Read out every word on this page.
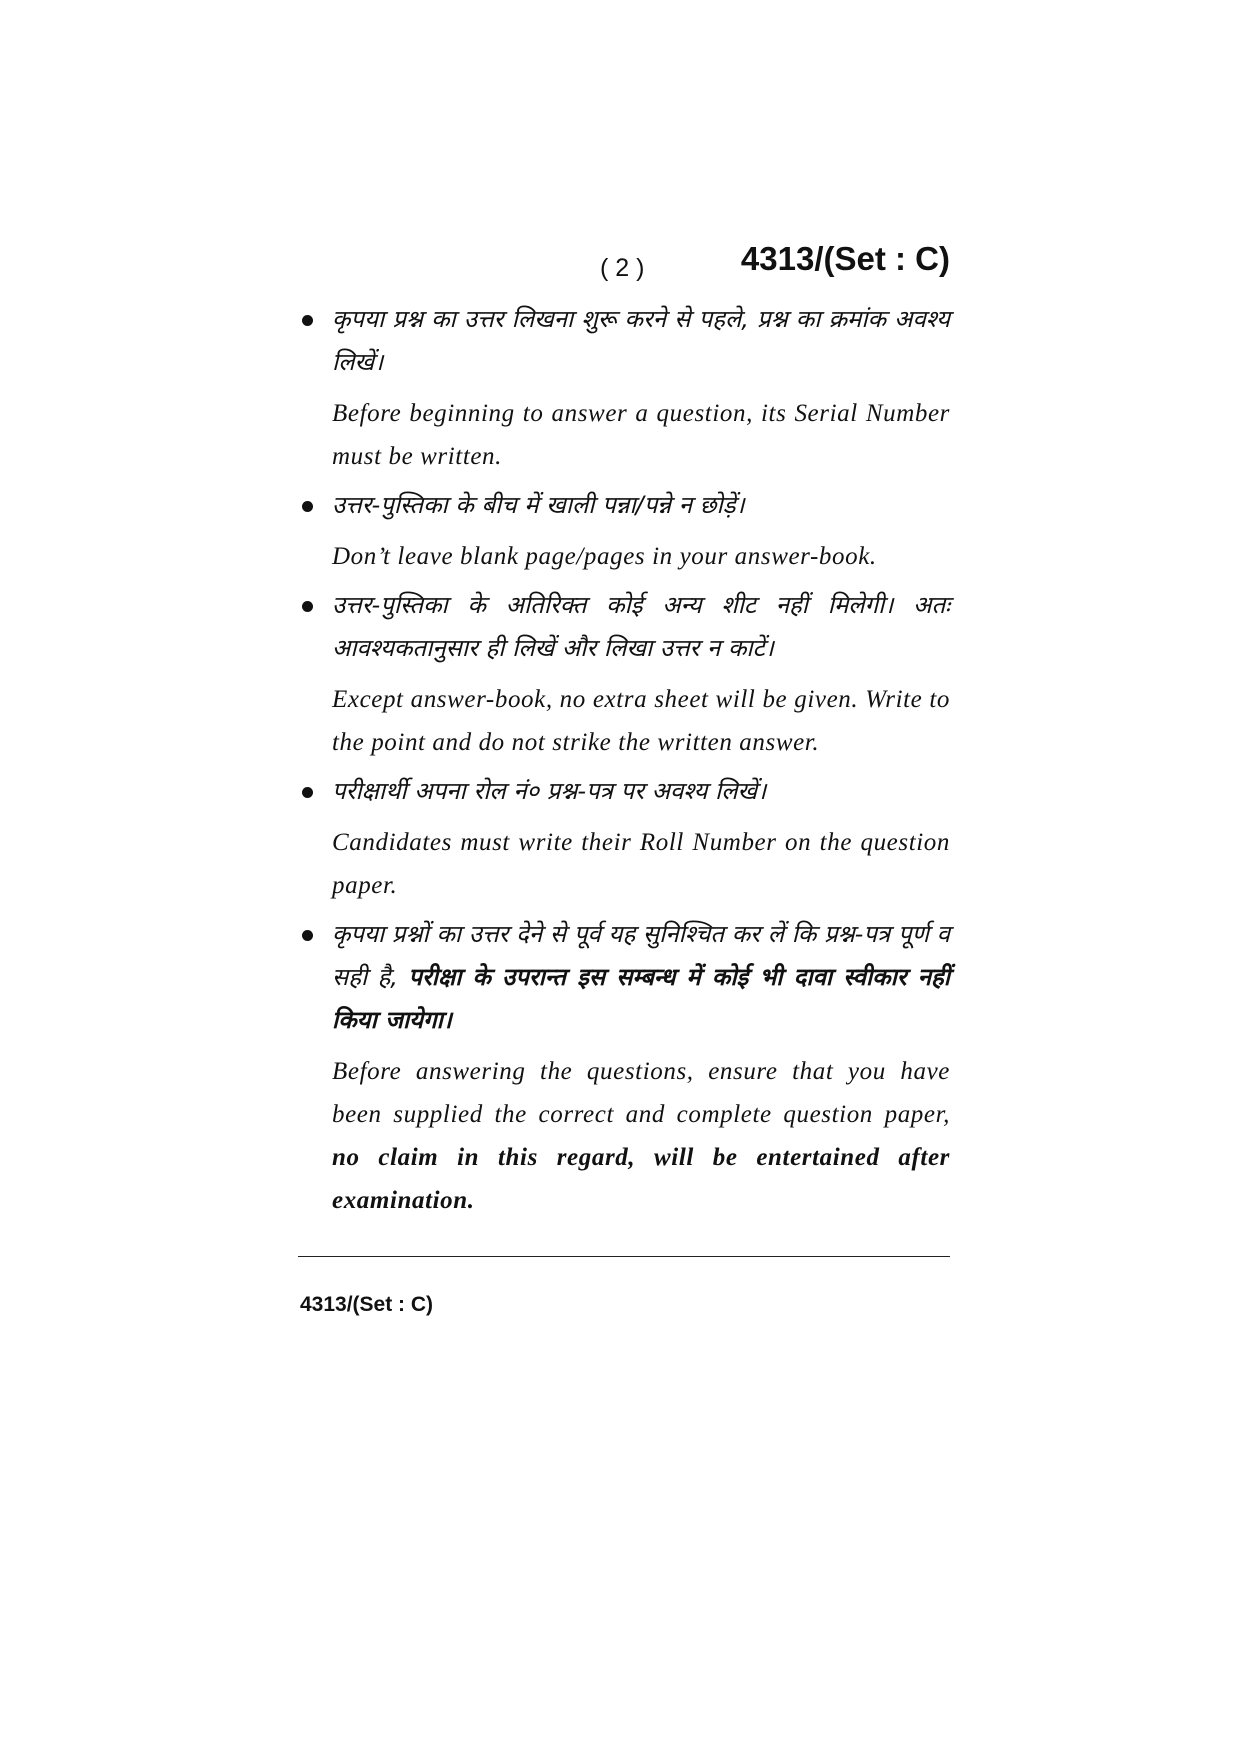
( 2 )	4313/(Set : C)

कृपया प्रश्न का उत्तर लिखना शुरू करने से पहले, प्रश्न का क्रमांक अवश्य लिखें।

Before beginning to answer a question, its Serial Number must be written.

उत्तर-पुस्तिका के बीच में खाली पन्ना/पन्ने न छोड़ें।

Don’t leave blank page/pages in your answer-book.

उत्तर-पुस्तिका के अतिरिक्त कोई अन्य शीट नहीं मिलेगी। अतः आवश्यकतानुसार ही लिखें और लिखा उत्तर न काटें।

Except answer-book, no extra sheet will be given. Write to the point and do not strike the written answer.

परीक्षार्थी अपना रोल नं० प्रश्न-पत्र पर अवश्य लिखें।

Candidates must write their Roll Number on the question paper.

कृपया प्रश्नों का उत्तर देने से पूर्व यह सुनिश्चित कर लें कि प्रश्न-पत्र पूर्ण व सही है, परीक्षा के उपरान्त इस सम्बन्ध में कोई भी दावा स्वीकार नहीं किया जायेगा।

Before answering the questions, ensure that you have been supplied the correct and complete question paper, no claim in this regard, will be entertained after examination.

4313/(Set : C)
